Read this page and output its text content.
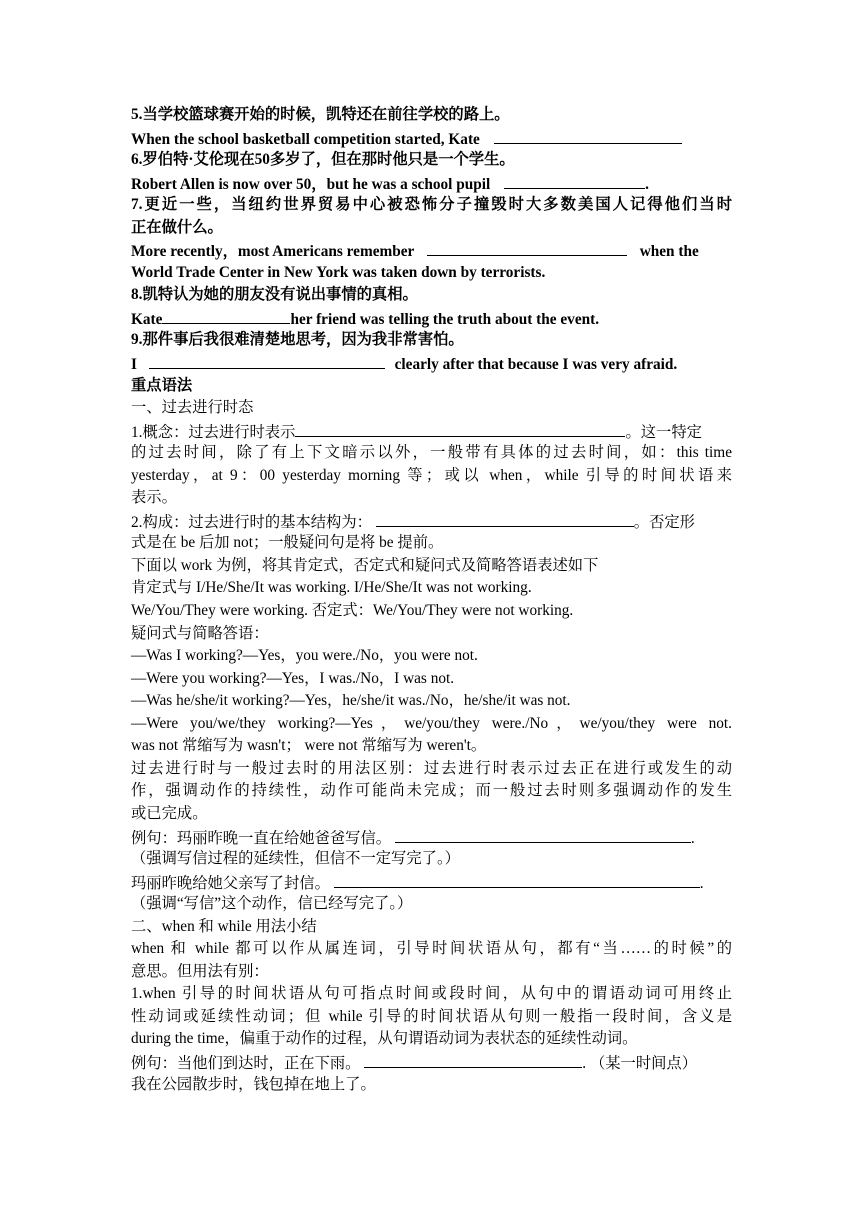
5.当学校篮球赛开始的时候，凯特还在前往学校的路上。
When the school basketball competition started, Kate
6.罗伯特·艾伦现在50多岁了，但在那时他只是一个学生。
Robert Allen is now over 50，but he was a school pupil	.
7.更近一些，当纽约世界贸易中心被恐怖分子撞毁时大多数美国人记得他们当时
正在做什么。
More recently，most Americans remember	when the
World Trade Center in New York was taken down by terrorists.
8.凯特认为她的朋友没有说出事情的真相。
Kate	her friend was telling the truth about the event.
9.那件事后我很难清楚地思考，因为我非常害怕。
I	clearly after that because I was very afraid.
重点语法
一、过去进行时态
1.概念：过去进行时表示	。这一特定
的过去时间，除了有上下文暗示以外，一般带有具体的过去时间，如：this time
yesterday，at 9：00 yesterday morning 等；或以 when，while 引导的时间状语来
表示。
2.构成：过去进行时的基本结构为：	。否定形
式是在 be 后加 not；一般疑问句是将 be 提前。
下面以 work 为例，将其肯定式，否定式和疑问式及简略答语表述如下
肯定式与 I/He/She/It was working. I/He/She/It was not working.
We/You/They were working. 否定式：We/You/They were not working.
疑问式与简略答语：
—Was I working?—Yes，you were./No，you were not.
—Were you working?—Yes，I was./No，I was not.
—Was he/she/it working?—Yes，he/she/it was./No，he/she/it was not.
—Were you/we/they working?—Yes，we/you/they were./No，we/you/they were not.
was not 常缩写为 wasn't； were not 常缩写为 weren't。
过去进行时与一般过去时的用法区别：过去进行时表示过去正在进行或发生的动
作，强调动作的持续性，动作可能尚未完成；而一般过去时则多强调动作的发生
或已完成。
例句：玛丽昨晚一直在给她爸爸写信。	.
（强调写信过程的延续性，但信不一定写完了。）
玛丽昨晚给她父亲写了封信。	.
（强调“写信”这个动作，信已经写完了。）
二、when 和 while 用法小结
when 和 while 都可以作从属连词，引导时间状语从句，都有“当……的时候”的
意思。但用法有别：
1.when 引导的时间状语从句可指点时间或段时间，从句中的谓语动词可用终止
性动词或延续性动词；但 while 引导的时间状语从句则一般指一段时间，含义是
during the time，偏重于动作的过程，从句谓语动词为表状态的延续性动词。
例句：当他们到达时，正在下雨。	. （某一时间点）
我在公园散步时，钱包掉在地上了。
